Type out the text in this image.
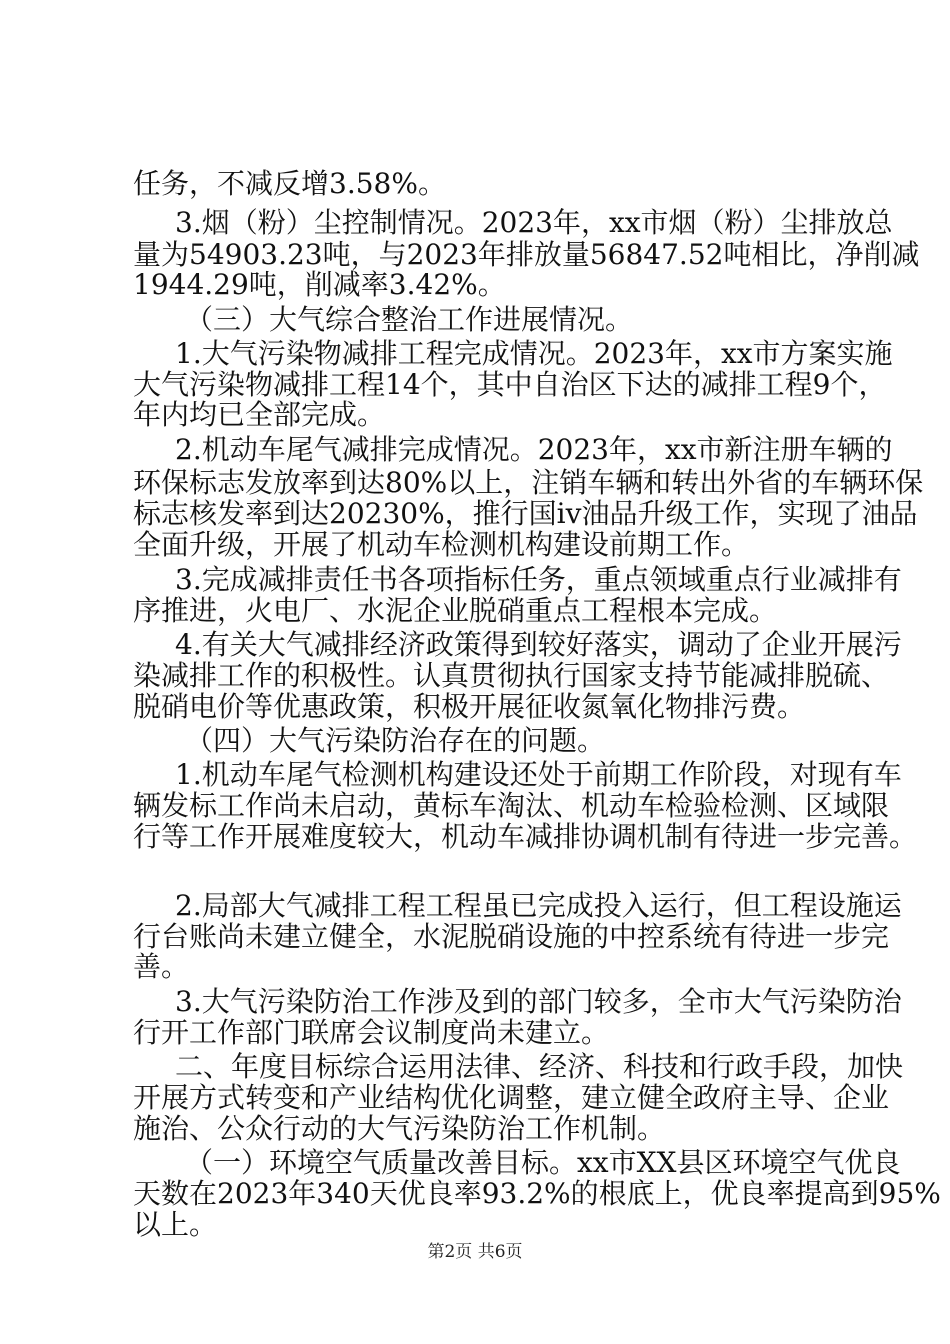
任务，不减反增3.58%。
3.烟（粉）尘控制情况。2023年，xx市烟（粉）尘排放总
量为54903.23吨，与2023年排放量56847.52吨相比，净削减
1944.29吨，削减率3.42%。
（三）大气综合整治工作进展情况。
1.大气污染物减排工程完成情况。2023年，xx市方案实施
大气污染物减排工程14个，其中自治区下达的减排工程9个，
年内均已全部完成。
2.机动车尾气减排完成情况。2023年，xx市新注册车辆的
环保标志发放率到达80%以上，注销车辆和转出外省的车辆环保
标志核发率到达20230%，推行国iv油品升级工作，实现了油品
全面升级，开展了机动车检测机构建设前期工作。
3.完成减排责任书各项指标任务，重点领域重点行业减排有
序推进，火电厂、水泥企业脱硝重点工程根本完成。
4.有关大气减排经济政策得到较好落实，调动了企业开展污
染减排工作的积极性。认真贯彻执行国家支持节能减排脱硫、
脱硝电价等优惠政策，积极开展征收氮氧化物排污费。
（四）大气污染防治存在的问题。
1.机动车尾气检测机构建设还处于前期工作阶段，对现有车
辆发标工作尚未启动，黄标车淘汰、机动车检验检测、区域限
行等工作开展难度较大，机动车减排协调机制有待进一步完善。
2.局部大气减排工程工程虽已完成投入运行，但工程设施运
行台账尚未建立健全，水泥脱硝设施的中控系统有待进一步完
善。
3.大气污染防治工作涉及到的部门较多，全市大气污染防治
行开工作部门联席会议制度尚未建立。
二、年度目标综合运用法律、经济、科技和行政手段，加快
开展方式转变和产业结构优化调整，建立健全政府主导、企业
施治、公众行动的大气污染防治工作机制。
（一）环境空气质量改善目标。xx市XX县区环境空气优良
天数在2023年340天优良率93.2%的根底上，优良率提高到95%
以上。
第2页 共6页
